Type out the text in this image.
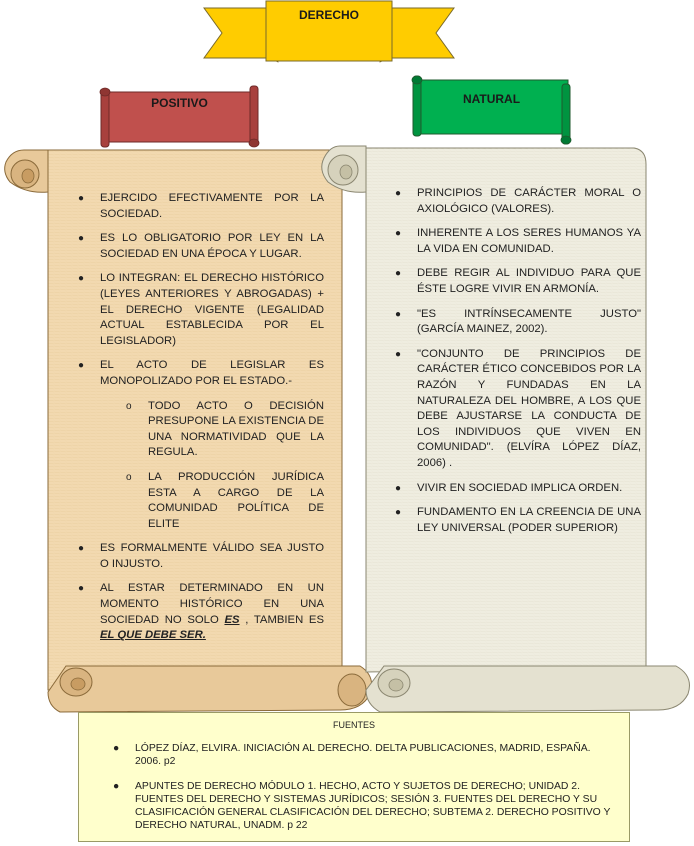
DERECHO
POSITIVO	NATURAL
● EJERCIDO EFECTIVAMENTE POR LA SOCIEDAD.
● ES LO OBLIGATORIO POR LEY EN LA SOCIEDAD EN UNA ÉPOCA Y LUGAR.
● LO INTEGRAN: EL DERECHO HISTÓRICO (LEYES ANTERIORES Y ABROGADAS) + EL DERECHO VIGENTE (LEGALIDAD ACTUAL ESTABLECIDA POR EL LEGISLADOR)
● EL ACTO DE LEGISLAR ES MONOPOLIZADO POR EL ESTADO.-
o TODO ACTO O DECISIÓN PRESUPONE LA EXISTENCIA DE UNA NORMATIVIDAD QUE LA REGULA.
o LA PRODUCCIÓN JURÍDICA ESTA A CARGO DE LA COMUNIDAD POLÍTICA DE ELITE
● ES FORMALMENTE VÁLIDO SEA JUSTO O INJUSTO.
● AL ESTAR DETERMINADO EN UN MOMENTO HISTÓRICO EN UNA SOCIEDAD NO SOLO ES , TAMBIEN ES EL QUE DEBE SER.
● PRINCIPIOS DE CARÁCTER MORAL O AXIOLÓGICO (VALORES).
● INHERENTE A LOS SERES HUMANOS YA LA VIDA EN COMUNIDAD.
● DEBE REGIR AL INDIVIDUO PARA QUE ÉSTE LOGRE VIVIR EN ARMONÍA.
● "ES INTRÍNSECAMENTE JUSTO" (GARCÍA MAINEZ, 2002).
● "CONJUNTO DE PRINCIPIOS DE CARÁCTER ÉTICO CONCEBIDOS POR LA RAZÓN Y FUNDADAS EN LA NATURALEZA DEL HOMBRE, A LOS QUE DEBE AJUSTARSE LA CONDUCTA DE LOS INDIVIDUOS QUE VIVEN EN COMUNIDAD". (ELVÍRA LÓPEZ DÍAZ, 2006) .
● VIVIR EN SOCIEDAD IMPLICA ORDEN.
● FUNDAMENTO EN LA CREENCIA DE UNA LEY UNIVERSAL (PODER SUPERIOR)
FUENTES
● LÓPEZ DÍAZ, ELVIRA. INICIACIÓN AL DERECHO. DELTA PUBLICACIONES, MADRID, ESPAÑA. 2006. p2
● APUNTES DE DERECHO MÓDULO 1. HECHO, ACTO Y SUJETOS DE DERECHO; UNIDAD 2. FUENTES DEL DERECHO Y SISTEMAS JURÍDICOS; SESIÓN 3. FUENTES DEL DERECHO Y SU CLASIFICACIÓN GENERAL CLASIFICACIÓN DEL DERECHO; SUBTEMA 2. DERECHO POSITIVO Y DERECHO NATURAL, UNADM. p 22
